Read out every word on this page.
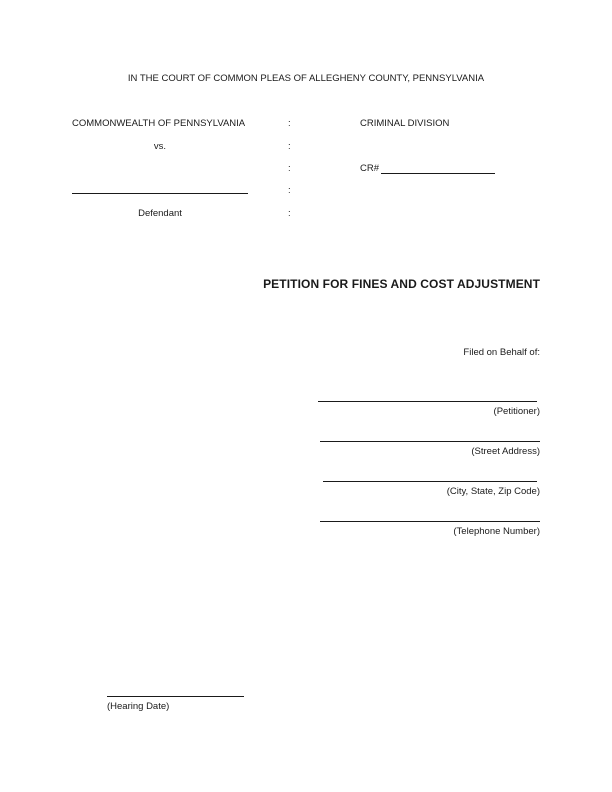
IN THE COURT OF COMMON PLEAS OF ALLEGHENY COUNTY, PENNSYLVANIA
COMMONWEALTH OF PENNSYLVANIA
vs.
Defendant
:
:
:
:
:
CRIMINAL DIVISION
CR#
PETITION FOR FINES AND COST ADJUSTMENT
Filed on Behalf of:
(Petitioner)
(Street Address)
(City, State, Zip Code)
(Telephone Number)
(Hearing Date)
